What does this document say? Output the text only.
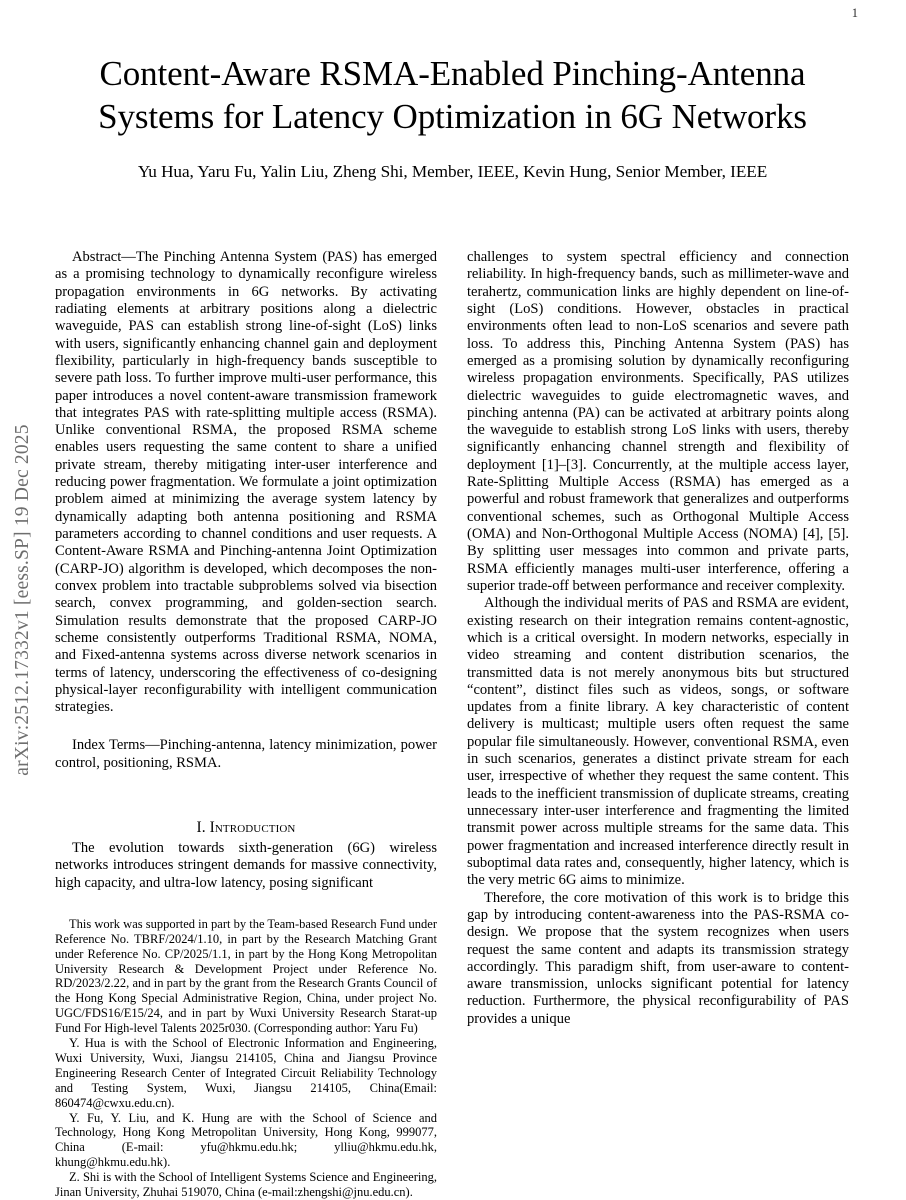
arXiv:2512.17332v1 [eess.SP] 19 Dec 2025
1
Content-Aware RSMA-Enabled Pinching-Antenna
Systems for Latency Optimization in 6G Networks
Yu Hua, Yaru Fu, Yalin Liu, Zheng Shi, Member, IEEE, Kevin Hung, Senior Member, IEEE

Abstract—The Pinching Antenna System (PAS) has emerged as a promising technology to dynamically reconfigure wireless propagation environments in 6G networks. By activating radiating elements at arbitrary positions along a dielectric waveguide, PAS can establish strong line-of-sight (LoS) links with users, significantly enhancing channel gain and deployment flexibility, particularly in high-frequency bands susceptible to severe path loss. To further improve multi-user performance, this paper introduces a novel content-aware transmission framework that integrates PAS with rate-splitting multiple access (RSMA). Unlike conventional RSMA, the proposed RSMA scheme enables users requesting the same content to share a unified private stream, thereby mitigating inter-user interference and reducing power fragmentation. We formulate a joint optimization problem aimed at minimizing the average system latency by dynamically adapting both antenna positioning and RSMA parameters according to channel conditions and user requests. A Content-Aware RSMA and Pinching-antenna Joint Optimization (CARP-JO) algorithm is developed, which decomposes the non-convex problem into tractable subproblems solved via bisection search, convex programming, and golden-section search. Simulation results demonstrate that the proposed CARP-JO scheme consistently outperforms Traditional RSMA, NOMA, and Fixed-antenna systems across diverse network scenarios in terms of latency, underscoring the effectiveness of co-designing physical-layer reconfigurability with intelligent communication strategies.

Index Terms—Pinching-antenna, latency minimization, power control, positioning, RSMA.

I. Introduction

The evolution towards sixth-generation (6G) wireless networks introduces stringent demands for massive connectivity, high capacity, and ultra-low latency, posing significant

This work was supported in part by the Team-based Research Fund under Reference No. TBRF/2024/1.10, in part by the Research Matching Grant under Reference No. CP/2025/1.1, in part by the Hong Kong Metropolitan University Research & Development Project under Reference No. RD/2023/2.22, and in part by the grant from the Research Grants Council of the Hong Kong Special Administrative Region, China, under project No. UGC/FDS16/E15/24, and in part by Wuxi University Research Starat-up Fund For High-level Talents 2025r030. (Corresponding author: Yaru Fu)

Y. Hua is with the School of Electronic Information and Engineering, Wuxi University, Wuxi, Jiangsu 214105, China and Jiangsu Province Engineering Research Center of Integrated Circuit Reliability Technology and Testing System, Wuxi, Jiangsu 214105, China(Email: 860474@cwxu.edu.cn).

Y. Fu, Y. Liu, and K. Hung are with the School of Science and Technology, Hong Kong Metropolitan University, Hong Kong, 999077, China (E-mail: yfu@hkmu.edu.hk; ylliu@hkmu.edu.hk, khung@hkmu.edu.hk).

Z. Shi is with the School of Intelligent Systems Science and Engineering, Jinan University, Zhuhai 519070, China (e-mail:zhengshi@jnu.edu.cn).

challenges to system spectral efficiency and connection reliability. In high-frequency bands, such as millimeter-wave and terahertz, communication links are highly dependent on line-of-sight (LoS) conditions. However, obstacles in practical environments often lead to non-LoS scenarios and severe path loss. To address this, Pinching Antenna System (PAS) has emerged as a promising solution by dynamically reconfiguring wireless propagation environments. Specifically, PAS utilizes dielectric waveguides to guide electromagnetic waves, and pinching antenna (PA) can be activated at arbitrary points along the waveguide to establish strong LoS links with users, thereby significantly enhancing channel strength and flexibility of deployment [1]–[3]. Concurrently, at the multiple access layer, Rate-Splitting Multiple Access (RSMA) has emerged as a powerful and robust framework that generalizes and outperforms conventional schemes, such as Orthogonal Multiple Access (OMA) and Non-Orthogonal Multiple Access (NOMA) [4], [5]. By splitting user messages into common and private parts, RSMA efficiently manages multi-user interference, offering a superior trade-off between performance and receiver complexity.

Although the individual merits of PAS and RSMA are evident, existing research on their integration remains content-agnostic, which is a critical oversight. In modern networks, especially in video streaming and content distribution scenarios, the transmitted data is not merely anonymous bits but structured “content”, distinct files such as videos, songs, or software updates from a finite library. A key characteristic of content delivery is multicast; multiple users often request the same popular file simultaneously. However, conventional RSMA, even in such scenarios, generates a distinct private stream for each user, irrespective of whether they request the same content. This leads to the inefficient transmission of duplicate streams, creating unnecessary inter-user interference and fragmenting the limited transmit power across multiple streams for the same data. This power fragmentation and increased interference directly result in suboptimal data rates and, consequently, higher latency, which is the very metric 6G aims to minimize.

Therefore, the core motivation of this work is to bridge this gap by introducing content-awareness into the PAS-RSMA co-design. We propose that the system recognizes when users request the same content and adapts its transmission strategy accordingly. This paradigm shift, from user-aware to content-aware transmission, unlocks significant potential for latency reduction. Furthermore, the physical reconfigurability of PAS provides a unique
